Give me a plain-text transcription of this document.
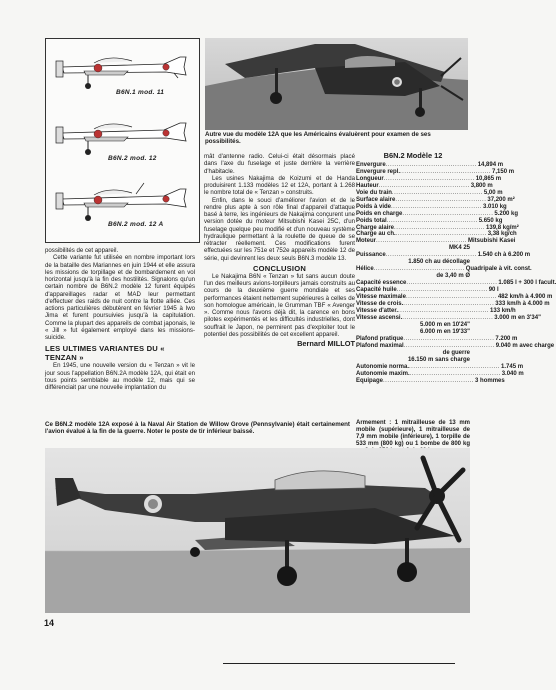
B6N.1 mod. 11
B6N.2 mod. 12
B6N.2 mod. 12 A
Autre vue du modèle 12A que les Américains évaluèrent pour examen de ses possibilités.

possibilités de cet appareil.

Cette variante fut utilisée en nombre important lors de la bataille des Mariannes en juin 1944 et elle assura les missions de torpillage et de bombardement en vol horizontal jusqu'à la fin des hostilités. Signalons qu'un certain nombre de B6N.2 modèle 12 furent équipés d'appareillages radar et MAD leur permettant d'effectuer des raids de nuit contre la flotte alliée. Ces actions particulières débutèrent en février 1945 à Iwo Jima et furent poursuivies jusqu'à la capitulation. Comme la plupart des appareils de combat japonais, le « Jill » fut également employé dans les missions-suicide.

LES ULTIMES VARIANTES DU « TENZAN »

En 1945, une nouvelle version du « Tenzan » vit le jour sous l'appellation B6N.2A modèle 12A, qui était en tous points semblable au modèle 12, mais qui se différenciait par une nouvelle implantation du

mât d'antenne radio. Celui-ci était désormais placé dans l'axe du fuselage et juste derrière la verrière d'habitacle.

Les usines Nakajima de Koizumi et de Handa produisirent 1.133 modèles 12 et 12A, portant à 1.268 le nombre total de « Tenzan » construits.

Enfin, dans le souci d'améliorer l'avion et de le rendre plus apte à son rôle final d'appareil d'attaque basé à terre, les ingénieurs de Nakajima conçurent une version dotée du moteur Mitsubishi Kasei 25C, d'un fuselage quelque peu modifié et d'un nouveau système hydraulique permettant à la roulette de queue de se rétracter réellement. Ces modifications furent effectuées sur les 751e et 752e appareils modèle 12 de série, qui devinrent les deux seuls B6N.3 modèle 13.

CONCLUSION

Le Nakajima B6N « Tenzan » fut sans aucun doute l'un des meilleurs avions-torpilleurs jamais construits au cours de la deuxième guerre mondiale et ses performances étaient nettement supérieures à celles de son homologue américain, le Grumman TBF « Avenger ». Comme nous l'avons déjà dit, la carence en bons pilotes expérimentés et les difficultés industrielles, dont souffrait le Japon, ne permirent pas d'exploiter tout le potentiel des possibilités de cet excellent appareil.

Bernard MILLOT

B6N.2 Modèle 12
Envergure .......................................... 14,894 m
Envergure repl. .......................................... 7,150 m
Longueur .......................................... 10,865 m
Hauteur .......................................... 3,800 m
Voie du train .......................................... 5,00 m
Surface alaire .......................................... 37,200 m²
Poids à vide .......................................... 3.010 kg
Poids en charge .......................................... 5.200 kg
Poids total .......................................... 5.650 kg
Charge alaire .......................................... 139,8 kg/m²
Charge au ch. .......................................... 3,38 kg/ch
Moteur .......................................... Mitsubishi Kasei
MK4 25
Puissance .......................................... 1.540 ch à 6.200 m
1.850 ch au décollage
Hélice .......................................... Quadripale à vit. const.
de 3,40 m Ø
Capacité essence .......................................... 1.085 l + 300 l facult.
Capacité huile .......................................... 90 l
Vitesse maximale .......................................... 482 km/h à 4.900 m
Vitesse de crois. .......................................... 333 km/h à 4.000 m
Vitesse d'atter. .......................................... 133 km/h
Vitesse ascensi. .......................................... 3.000 m en 3'34"
5.000 m en 10'24"
6.000 m en 19'33"
Plafond pratique .......................................... 7.200 m
Plafond maximal .......................................... 9.040 m avec charge
de guerre
16.150 m sans charge
Autonomie norma. .......................................... 1.745 m
Autonomie maxim. .......................................... 3.040 m
Equipage .......................................... 3 hommes
Armement : 1 mitrailleuse de 13 mm mobile (supérieure), 1 mitrailleuse de 7,9 mm mobile (inférieure), 1 torpille de 533 mm (800 kg) ou 1 bombe de 800 kg
Ce B6N.2 modèle 12A exposé à la Naval Air Station de Willow Grove (Pennsylvanie) était certainement l'avion évalué à la fin de la guerre. Noter le poste de tir inférieur baissé.
14
